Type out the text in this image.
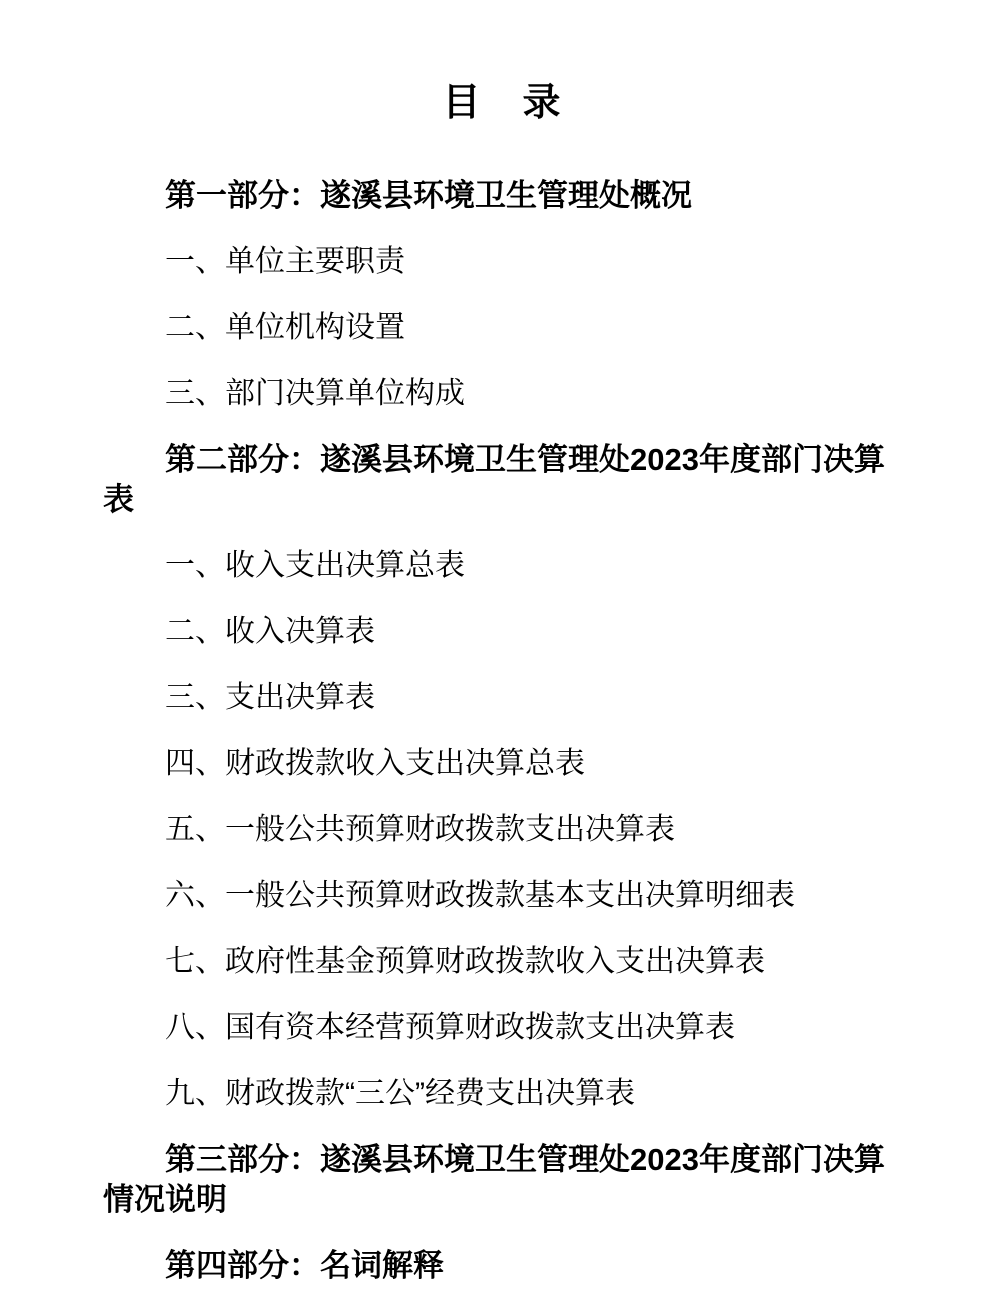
目　录

第一部分：遂溪县环境卫生管理处概况

一、单位主要职责

二、单位机构设置

三、部门决算单位构成

第二部分：遂溪县环境卫生管理处2023年度部门决算表

一、收入支出决算总表

二、收入决算表

三、支出决算表

四、财政拨款收入支出决算总表

五、一般公共预算财政拨款支出决算表

六、一般公共预算财政拨款基本支出决算明细表

七、政府性基金预算财政拨款收入支出决算表

八、国有资本经营预算财政拨款支出决算表

九、财政拨款“三公”经费支出决算表

第三部分：遂溪县环境卫生管理处2023年度部门决算情况说明

第四部分：名词解释
